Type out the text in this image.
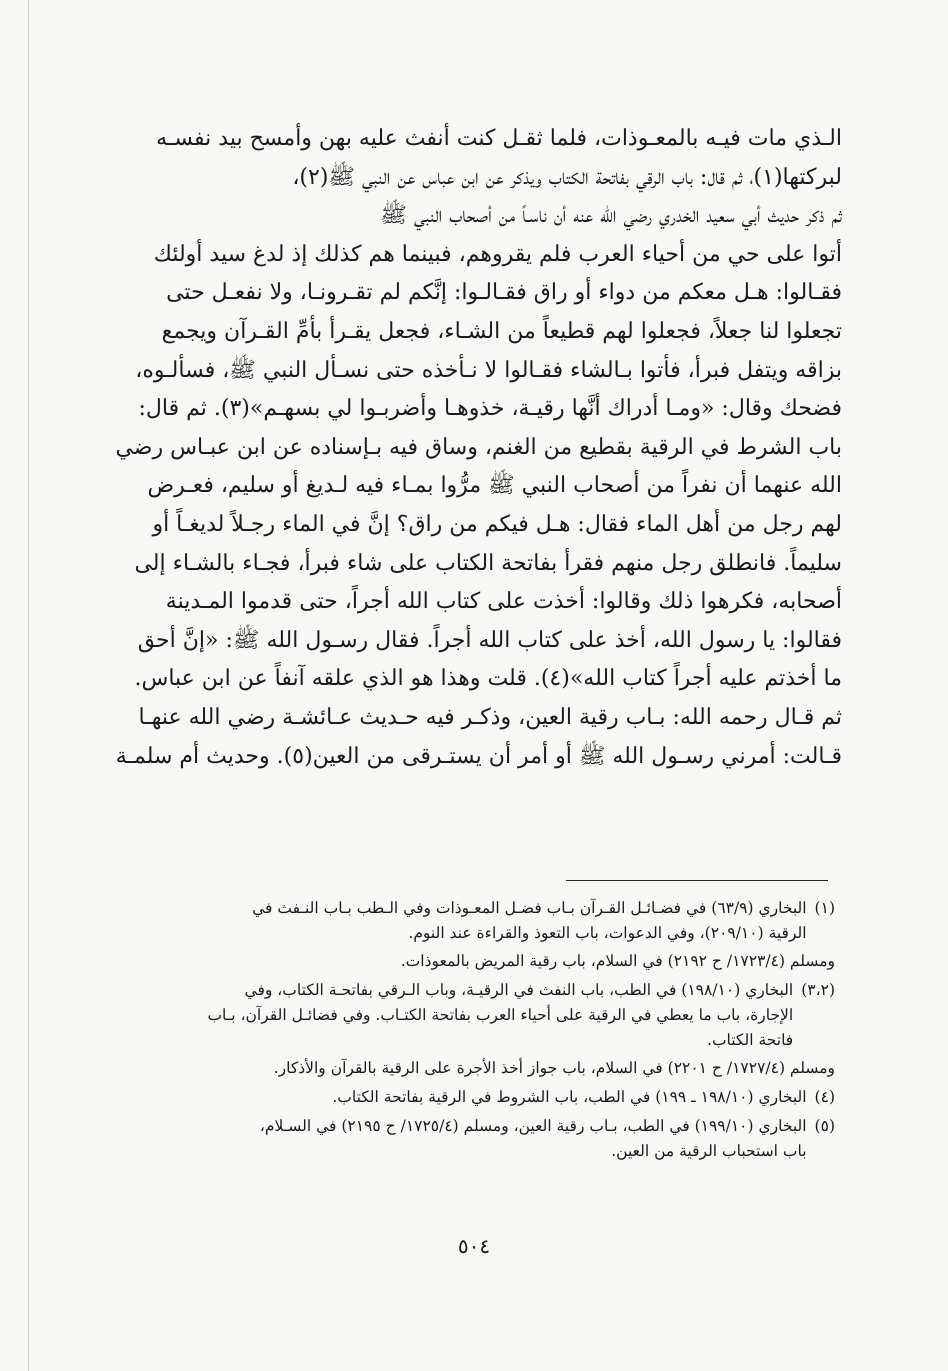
الـذي مات فيـه بالمعـوذات، فلما ثقـل كنت أنفث عليه بهن وأمسح بيد نفسـه
لبركتها(١)، ثم قال: باب الرقي بفاتحة الكتاب ويذكر عن ابن عباس عن النبي ﷺ(٢)،
ثم ذكر حديث أبي سعيد الخدري رضي الله عنه أن ناسـاً من أصحاب النبي ﷺ
أتوا على حي من أحياء العرب فلم يقروهم، فبينما هم كذلك إذ لدغ سيد أولئك
فقـالوا: هـل معكم من دواء أو راق فقـالـوا: إنَّكم لم تقـرونـا، ولا نفعـل حتى
تجعلوا لنا جعلاً، فجعلوا لهم قطيعاً من الشـاء، فجعل يقـرأ بأمِّ القـرآن ويجمع
بزاقه ويتفل فبرأ، فأتوا بـالشاء فقـالوا لا نـأخذه حتى نسـأل النبي ﷺ، فسألـوه،
فضحك وقال: «ومـا أدراك أنَّها رقيـة، خذوهـا وأضربـوا لي بسهـم»(٣). ثم قال:
باب الشرط في الرقية بقطيع من الغنم، وساق فيه بـإسناده عن ابن عبـاس رضي
الله عنهما أن نفراً من أصحاب النبي ﷺ مرُّوا بمـاء فيه لـديغ أو سليم، فعـرض
لهم رجل من أهل الماء فقال: هـل فيكم من راق؟ إنَّ في الماء رجـلاً لديغـاً أو
سليماً. فانطلق رجل منهم فقرأ بفاتحة الكتاب على شاء فبرأ، فجـاء بالشـاء إلى
أصحابه، فكرهوا ذلك وقالوا: أخذت على كتاب الله أجراً، حتى قدموا المـدينة
فقالوا: يا رسول الله، أخذ على كتاب الله أجراً. فقال رسـول الله ﷺ: «إنَّ أحق
ما أخذتم عليه أجراً كتاب الله»(٤). قلت وهذا هو الذي علقه آنفاً عن ابن عباس.
ثم قـال رحمه الله: بـاب رقية العين، وذكـر فيه حـديث عـائشـة رضي الله عنهـا
قـالت: أمرني رسـول الله ﷺ أو أمر أن يستـرقى من العين(٥). وحديث أم سلمـة
(١)
البخاري (٦٣/٩) في فضـائـل القـرآن بـاب فضـل المعـوذات وفي الـطب بـاب النـفث في
الرقية (٢٠٩/١٠)، وفي الدعوات، باب التعوذ والقراءة عند النوم.
ومسلم (١٧٢٣/٤/ ح ٢١٩٢) في السلام، باب رقية المريض بالمعوذات.
(٣،٢)
البخاري (١٩٨/١٠) في الطب، باب النفث في الرقيـة، وباب الـرقي بفاتحـة الكتاب، وفي
الإجارة، باب ما يعطي في الرقية على أحياء العرب بفاتحة الكتـاب. وفي فضائـل القرآن، بـاب
فاتحة الكتاب.
ومسلم (١٧٢٧/٤/ ح ٢٢٠١) في السلام، باب جواز أخذ الأجرة على الرقية بالقرآن والأذكار.
(٤)
البخاري (١٩٨/١٠ ـ ١٩٩) في الطب، باب الشروط في الرقية بفاتحة الكتاب.
(٥)
البخاري (١٩٩/١٠) في الطب، بـاب رقية العين، ومسلم (١٧٢٥/٤/ ح ٢١٩٥) في السـلام،
باب استحباب الرقية من العين.
٥٠٤
